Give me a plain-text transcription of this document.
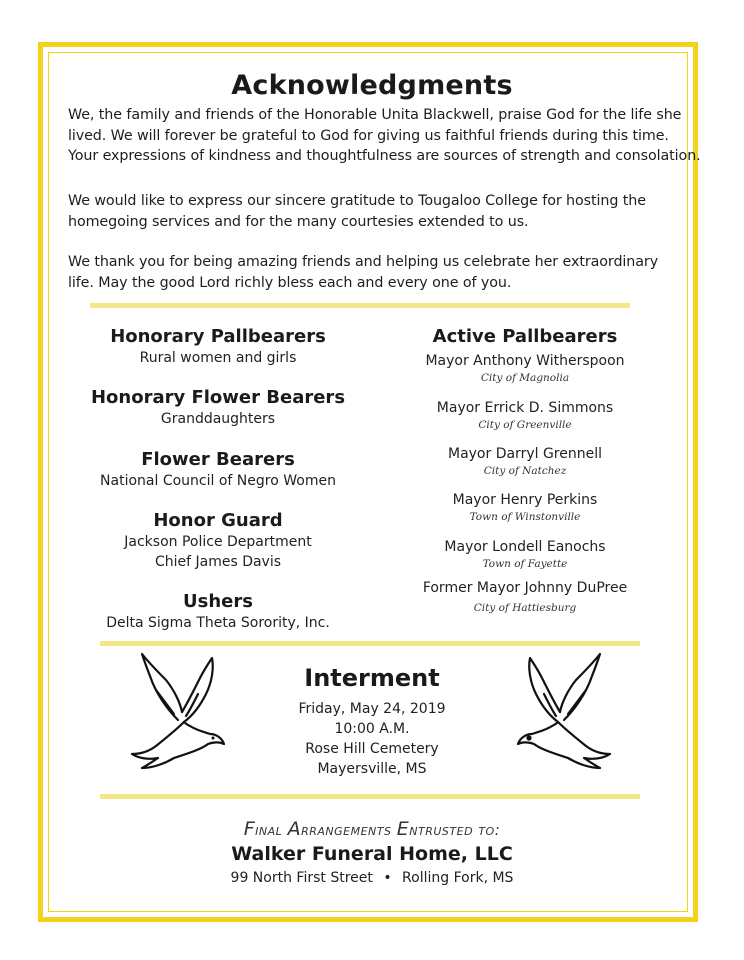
Acknowledgments
We, the family and friends of the Honorable Unita Blackwell, praise God for the life she
lived. We will forever be grateful to God for giving us faithful friends during this time.
Your expressions of kindness and thoughtfulness are sources of strength and consolation.
We would like to express our sincere gratitude to Tougaloo College for hosting the
homegoing services and for the many courtesies extended to us.
We thank you for being amazing friends and helping us celebrate her extraordinary
life. May the good Lord richly bless each and every one of you.
Honorary Pallbearers
Rural women and girls
Honorary Flower Bearers
Granddaughters
Flower Bearers
National Council of Negro Women
Honor Guard
Jackson Police Department
Chief James Davis
Ushers
Delta Sigma Theta Sorority, Inc.
Active Pallbearers
Mayor Anthony Witherspoon
City of Magnolia
Mayor Errick D. Simmons
City of Greenville
Mayor Darryl Grennell
City of Natchez
Mayor Henry Perkins
Town of Winstonville
Mayor Londell Eanochs
Town of Fayette
Former Mayor Johnny DuPree
City of Hattiesburg
Interment
Friday, May 24, 2019
10:00 A.M.
Rose Hill Cemetery
Mayersville, MS
Final Arrangements Entrusted to:
Walker Funeral Home, LLC
99 North First Street • Rolling Fork, MS
